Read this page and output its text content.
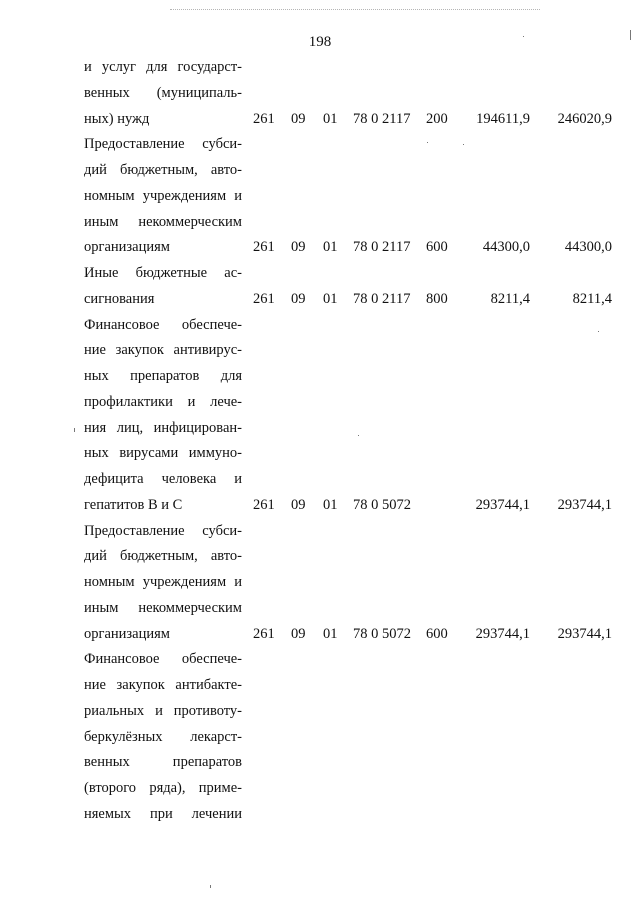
198
и услуг для государст-
венных (муниципаль-
ных) нужд	261 09 01 78 0 2117 200 194611,9 246020,9
Предоставление субси-
дий бюджетным, авто-
номным учреждениям и
иным некоммерческим
организациям	261 09 01 78 0 2117 600 44300,0 44300,0
Иные бюджетные ас-
сигнования	261 09 01 78 0 2117 800	8211,4	8211,4
Финансовое обеспече-
ние закупок антивирус-
ных препаратов для
профилактики и лече-
ния лиц, инфицирован-
ных вирусами иммуно-
дефицита человека и
гепатитов В и С	261 09 01 78 0 5072	293744,1 293744,1
Предоставление субси-
дий бюджетным, авто-
номным учреждениям и
иным некоммерческим
организациям	261 09 01 78 0 5072 600 293744,1 293744,1
Финансовое обеспече-
ние закупок антибакте-
риальных и противоту-
беркулёзных лекарст-
венных препаратов
(второго ряда), приме-
няемых при лечении
